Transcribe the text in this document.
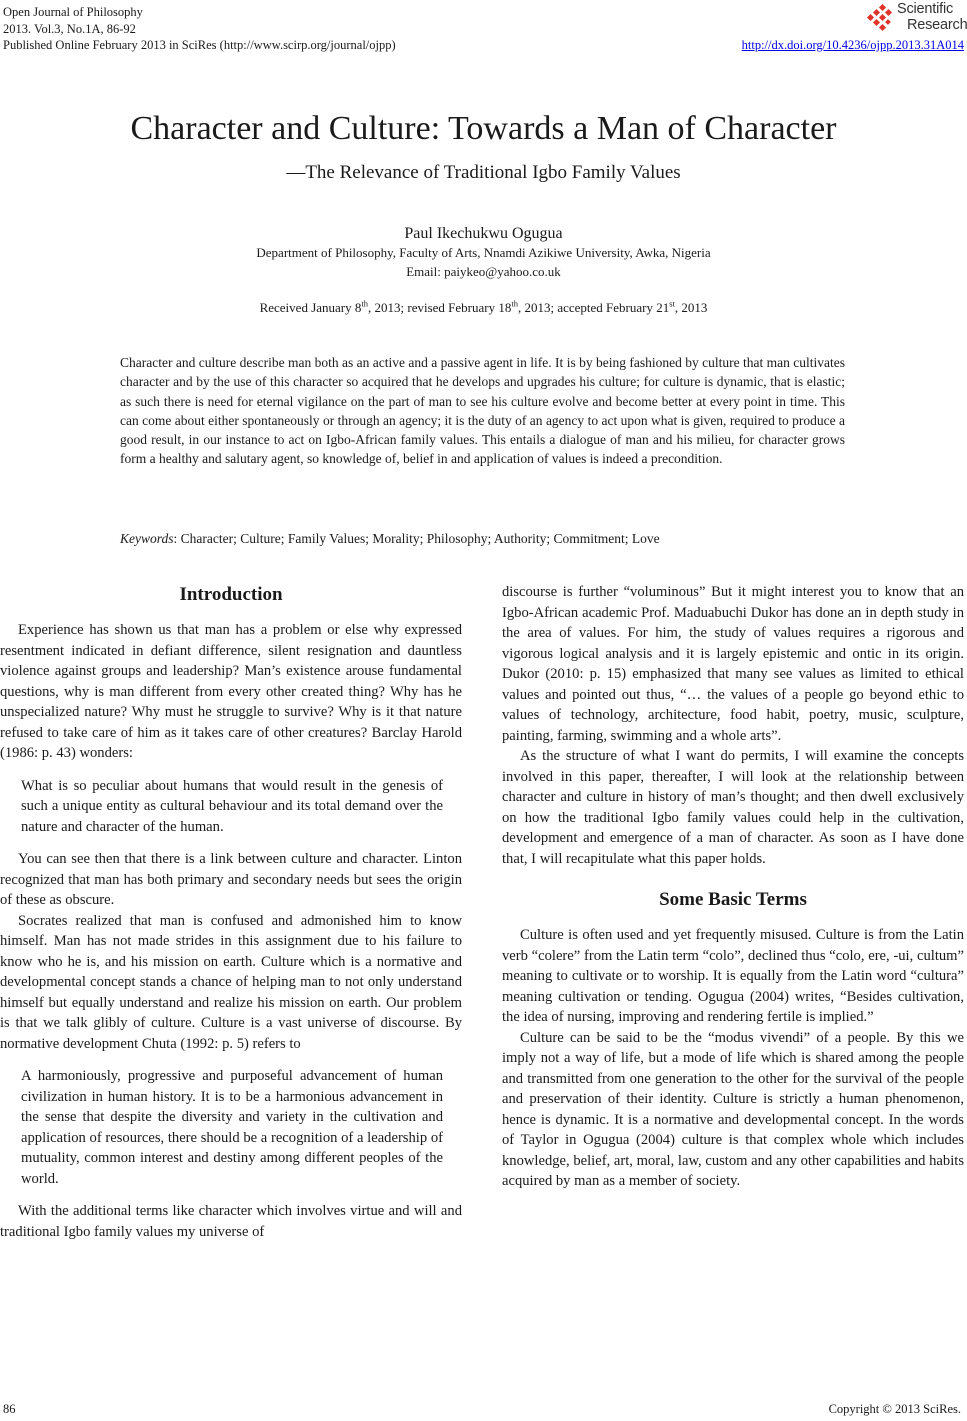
Open Journal of Philosophy
2013. Vol.3, No.1A, 86-92
Published Online February 2013 in SciRes (http://www.scirp.org/journal/ojpp)
Scientific
Research
http://dx.doi.org/10.4236/ojpp.2013.31A014
Character and Culture: Towards a Man of Character
—The Relevance of Traditional Igbo Family Values
Paul Ikechukwu Ogugua
Department of Philosophy, Faculty of Arts, Nnamdi Azikiwe University, Awka, Nigeria
Email: paiykeo@yahoo.co.uk
Received January 8th, 2013; revised February 18th, 2013; accepted February 21st, 2013

Character and culture describe man both as an active and a passive agent in life. It is by being fashioned by culture that man cultivates character and by the use of this character so acquired that he develops and upgrades his culture; for culture is dynamic, that is elastic; as such there is need for eternal vigilance on the part of man to see his culture evolve and become better at every point in time. This can come about either spontaneously or through an agency; it is the duty of an agency to act upon what is given, required to produce a good result, in our instance to act on Igbo-African family values. This entails a dialogue of man and his milieu, for character grows form a healthy and salutary agent, so knowledge of, belief in and application of values is indeed a precondition.

Keywords: Character; Culture; Family Values; Morality; Philosophy; Authority; Commitment; Love
Introduction

Experience has shown us that man has a problem or else why expressed resentment indicated in defiant difference, silent resignation and dauntless violence against groups and leadership? Man’s existence arouse fundamental questions, why is man different from every other created thing? Why has he unspecialized nature? Why must he struggle to survive? Why is it that nature refused to take care of him as it takes care of other creatures? Barclay Harold (1986: p. 43) wonders:

What is so peculiar about humans that would result in the genesis of such a unique entity as cultural behaviour and its total demand over the nature and character of the human.

You can see then that there is a link between culture and character. Linton recognized that man has both primary and secondary needs but sees the origin of these as obscure.

Socrates realized that man is confused and admonished him to know himself. Man has not made strides in this assignment due to his failure to know who he is, and his mission on earth. Culture which is a normative and developmental concept stands a chance of helping man to not only understand himself but equally understand and realize his mission on earth. Our problem is that we talk glibly of culture. Culture is a vast universe of discourse. By normative development Chuta (1992: p. 5) refers to

A harmoniously, progressive and purposeful advancement of human civilization in human history. It is to be a harmonious advancement in the sense that despite the diversity and variety in the cultivation and application of resources, there should be a recognition of a leadership of mutuality, common interest and destiny among different peoples of the world.

With the additional terms like character which involves virtue and will and traditional Igbo family values my universe of

discourse is further “voluminous” But it might interest you to know that an Igbo-African academic Prof. Maduabuchi Dukor has done an in depth study in the area of values. For him, the study of values requires a rigorous and vigorous logical analysis and it is largely epistemic and ontic in its origin. Dukor (2010: p. 15) emphasized that many see values as limited to ethical values and pointed out thus, “… the values of a people go beyond ethic to values of technology, architecture, food habit, poetry, music, sculpture, painting, farming, swimming and a whole arts”.

As the structure of what I want do permits, I will examine the concepts involved in this paper, thereafter, I will look at the relationship between character and culture in history of man’s thought; and then dwell exclusively on how the traditional Igbo family values could help in the cultivation, development and emergence of a man of character. As soon as I have done that, I will recapitulate what this paper holds.

Some Basic Terms

Culture is often used and yet frequently misused. Culture is from the Latin verb “colere” from the Latin term “colo”, declined thus “colo, ere, -ui, cultum” meaning to cultivate or to worship. It is equally from the Latin word “cultura” meaning cultivation or tending. Ogugua (2004) writes, “Besides cultivation, the idea of nursing, improving and rendering fertile is implied.”

Culture can be said to be the “modus vivendi” of a people. By this we imply not a way of life, but a mode of life which is shared among the people and transmitted from one generation to the other for the survival of the people and preservation of their identity. Culture is strictly a human phenomenon, hence is dynamic. It is a normative and developmental concept. In the words of Taylor in Ogugua (2004) culture is that complex whole which includes knowledge, belief, art, moral, law, custom and any other capabilities and habits acquired by man as a member of society.

86	Copyright © 2013 SciRes.
